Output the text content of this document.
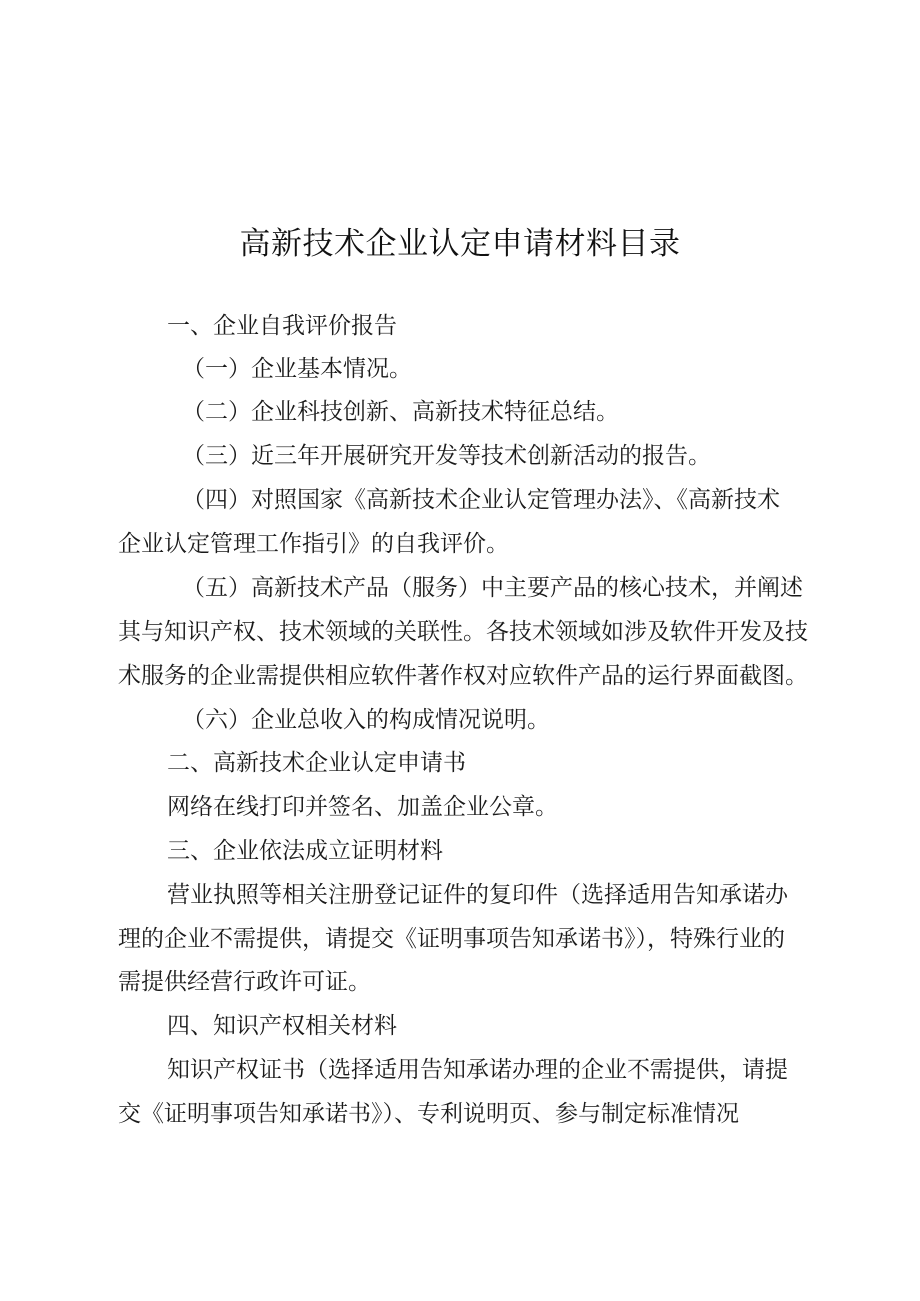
高新技术企业认定申请材料目录
一、企业自我评价报告
（一）企业基本情况。
（二）企业科技创新、高新技术特征总结。
（三）近三年开展研究开发等技术创新活动的报告。
（四）对照国家《高新技术企业认定管理办法》、《高新技术
企业认定管理工作指引》的自我评价。
（五）高新技术产品（服务）中主要产品的核心技术，并阐述
其与知识产权、技术领域的关联性。各技术领域如涉及软件开发及技
术服务的企业需提供相应软件著作权对应软件产品的运行界面截图。
（六）企业总收入的构成情况说明。
二、高新技术企业认定申请书
网络在线打印并签名、加盖企业公章。
三、企业依法成立证明材料
营业执照等相关注册登记证件的复印件（选择适用告知承诺办
理的企业不需提供，请提交《证明事项告知承诺书》），特殊行业的
需提供经营行政许可证。
四、知识产权相关材料
知识产权证书（选择适用告知承诺办理的企业不需提供，请提
交《证明事项告知承诺书》）、专利说明页、参与制定标准情况
